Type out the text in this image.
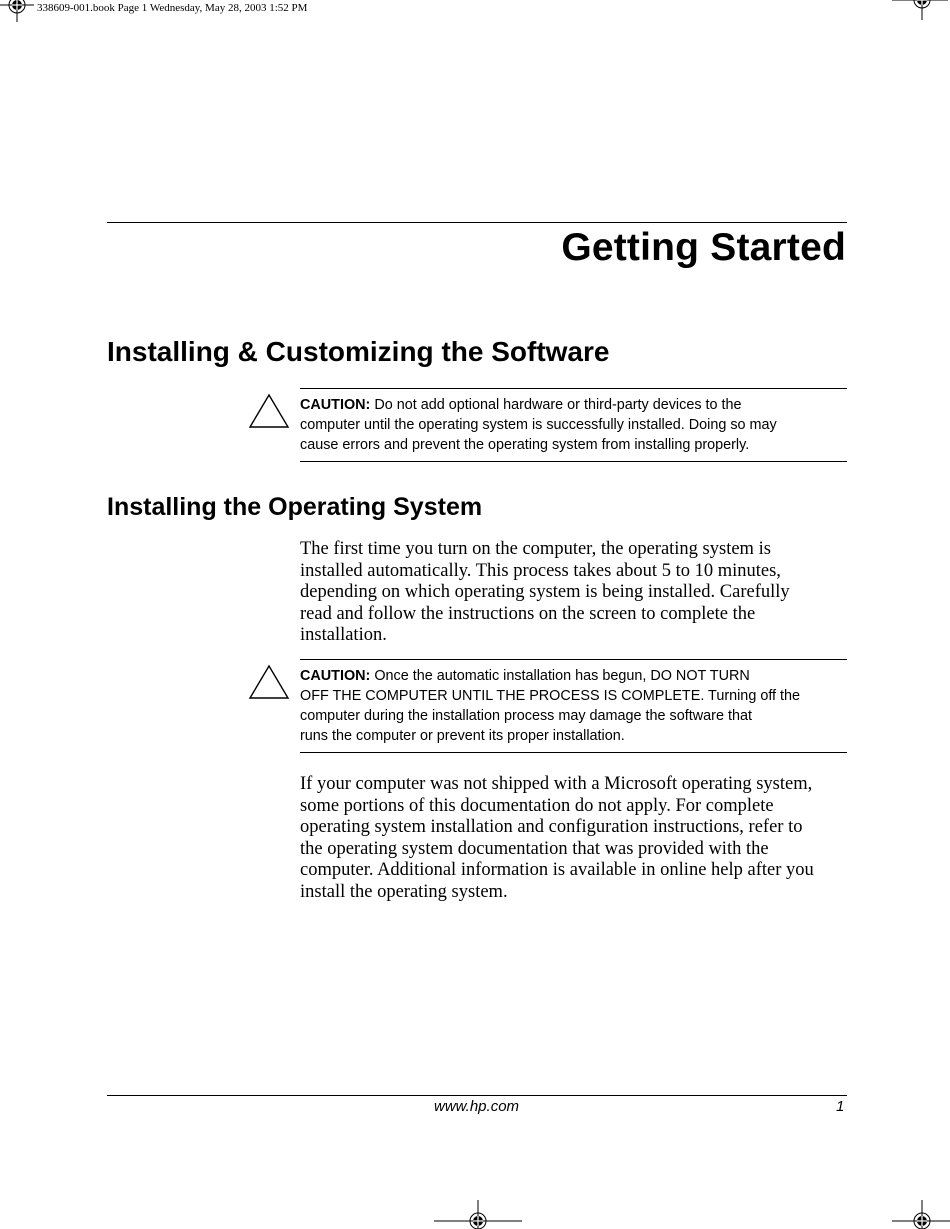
338609-001.book Page 1 Wednesday, May 28, 2003 1:52 PM
Getting Started
Installing & Customizing the Software
CAUTION: Do not add optional hardware or third-party devices to the
computer until the operating system is successfully installed. Doing so may
cause errors and prevent the operating system from installing properly.
Installing the Operating System
The first time you turn on the computer, the operating system is
installed automatically. This process takes about 5 to 10 minutes,
depending on which operating system is being installed. Carefully
read and follow the instructions on the screen to complete the
installation.
CAUTION: Once the automatic installation has begun, DO NOT TURN
OFF THE COMPUTER UNTIL THE PROCESS IS COMPLETE. Turning off the
computer during the installation process may damage the software that
runs the computer or prevent its proper installation.
If your computer was not shipped with a Microsoft operating system,
some portions of this documentation do not apply. For complete
operating system installation and configuration instructions, refer to
the operating system documentation that was provided with the
computer. Additional information is available in online help after you
install the operating system.
www.hp.com	1
